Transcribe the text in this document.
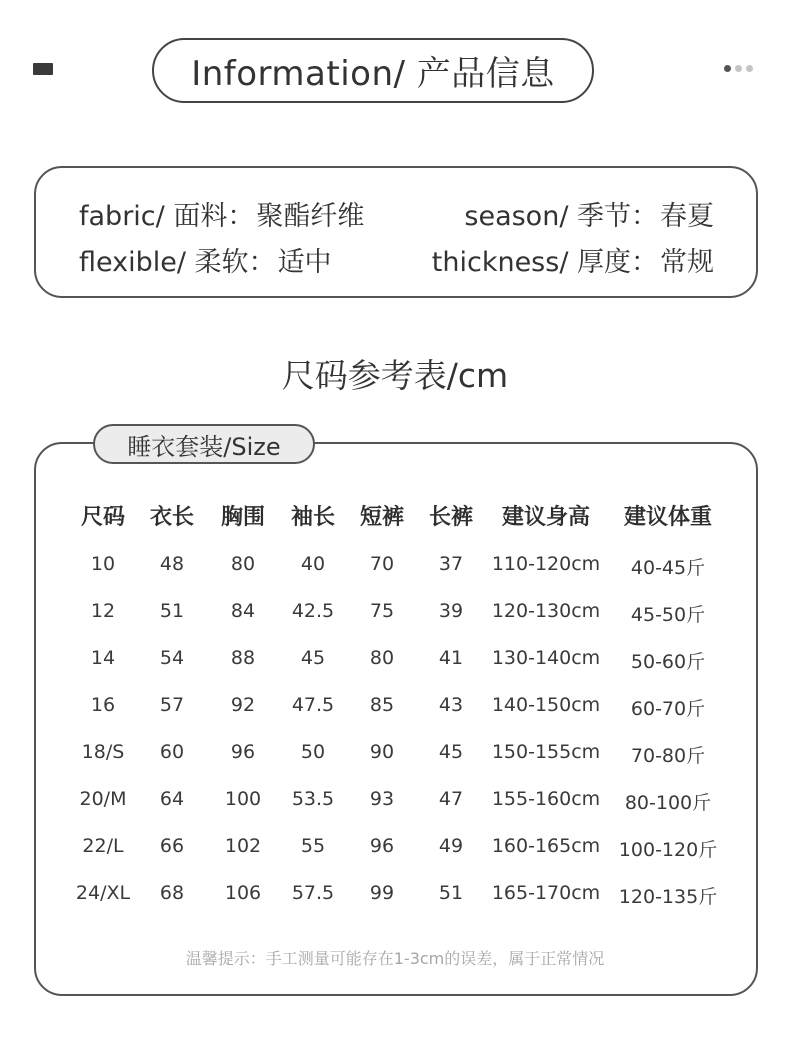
Information/ 产品信息
fabric/ 面料：聚酯纤维	season/ 季节：春夏
flexible/ 柔软：适中	thickness/ 厚度：常规
尺码参考表/cm
睡衣套装/Size
尺码 衣长 胸围 袖长 短裤 长裤 建议身高 建议体重
10 48 80 40 70 37 110-120cm 40-45斤
12 51 84 42.5 75 39 120-130cm 45-50斤
14 54 88 45 80 41 130-140cm 50-60斤
16 57 92 47.5 85 43 140-150cm 60-70斤
18/S 60 96 50 90 45 150-155cm 70-80斤
20/M 64 100 53.5 93 47 155-160cm 80-100斤
22/L 66 102 55 96 49 160-165cm 100-120斤
24/XL 68 106 57.5 99 51 165-170cm 120-135斤
温馨提示：手工测量可能存在1-3cm的误差，属于正常情况
